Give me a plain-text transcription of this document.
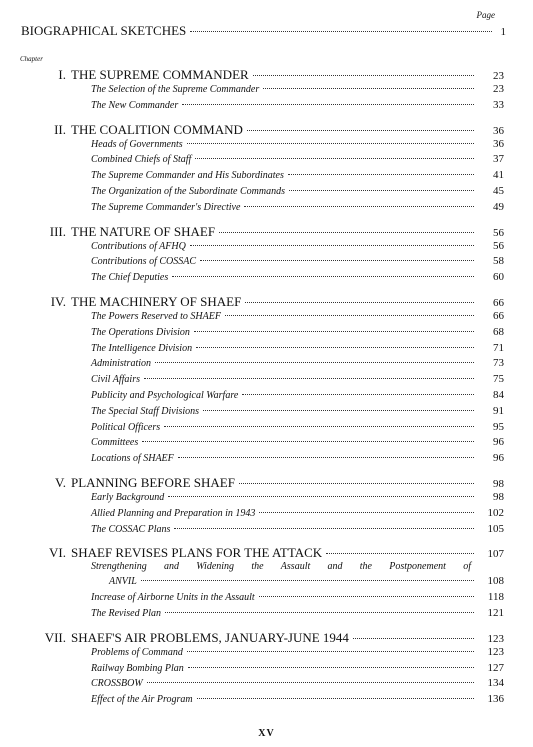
Page
BIOGRAPHICAL SKETCHES	1
Chapter
I. THE SUPREME COMMANDER	23
The Selection of the Supreme Commander	23
The New Commander	33
II. THE COALITION COMMAND	36
Heads of Governments	36
Combined Chiefs of Staff	37
The Supreme Commander and His Subordinates	41
The Organization of the Subordinate Commands	45
The Supreme Commander's Directive	49
III. THE NATURE OF SHAEF	56
Contributions of AFHQ	56
Contributions of COSSAC	58
The Chief Deputies	60
IV. THE MACHINERY OF SHAEF	66
The Powers Reserved to SHAEF	66
The Operations Division	68
The Intelligence Division	71
Administration	73
Civil Affairs	75
Publicity and Psychological Warfare	84
The Special Staff Divisions	91
Political Officers	95
Committees	96
Locations of SHAEF	96
V. PLANNING BEFORE SHAEF	98
Early Background	98
Allied Planning and Preparation in 1943	102
The COSSAC Plans	105
VI. SHAEF REVISES PLANS FOR THE ATTACK	107
Strengthening and Widening the Assault and the Postponement of
ANVIL	108
Increase of Airborne Units in the Assault	118
The Revised Plan	121
VII. SHAEF'S AIR PROBLEMS, JANUARY-JUNE 1944	123
Problems of Command	123
Railway Bombing Plan	127
CROSSBOW	134
Effect of the Air Program	136
XV
